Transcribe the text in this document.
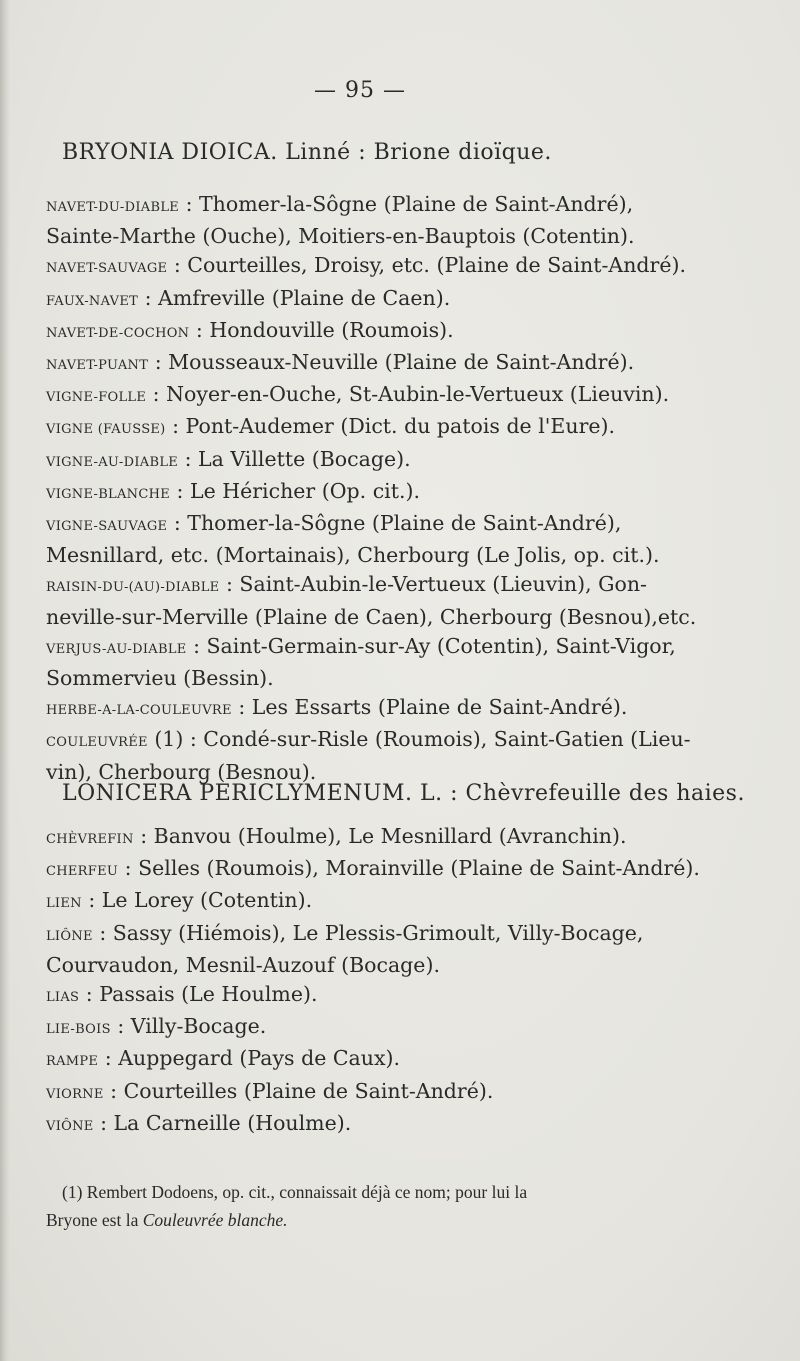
— 95 —
BRYONIA DIOICA. Linné : Brione dioïque.
NAVET-DU-DIABLE : Thomer-la-Sôgne (Plaine de Saint-André),
Sainte-Marthe (Ouche), Moitiers-en-Bauptois (Cotentin).
NAVET-SAUVAGE : Courteilles, Droisy, etc. (Plaine de Saint-André).
FAUX-NAVET : Amfreville (Plaine de Caen).
NAVET-DE-COCHON : Hondouville (Roumois).
NAVET-PUANT : Mousseaux-Neuville (Plaine de Saint-André).
VIGNE-FOLLE : Noyer-en-Ouche, St-Aubin-le-Vertueux (Lieuvin).
VIGNE (FAUSSE) : Pont-Audemer (Dict. du patois de l'Eure).
VIGNE-AU-DIABLE : La Villette (Bocage).
VIGNE-BLANCHE : Le Héricher (Op. cit.).
VIGNE-SAUVAGE : Thomer-la-Sôgne (Plaine de Saint-André),
Mesnillard, etc. (Mortainais), Cherbourg (Le Jolis, op. cit.).
RAISIN-DU-(AU)-DIABLE : Saint-Aubin-le-Vertueux (Lieuvin), Gon-
neville-sur-Merville (Plaine de Caen), Cherbourg (Besnou),etc.
VERJUS-AU-DIABLE : Saint-Germain-sur-Ay (Cotentin), Saint-Vigor,
Sommervieu (Bessin).
HERBE-A-LA-COULEUVRE : Les Essarts (Plaine de Saint-André).
COULEUVRÉE (1) : Condé-sur-Risle (Roumois), Saint-Gatien (Lieu-
vin), Cherbourg (Besnou).
LONICERA PERICLYMENUM. L. : Chèvrefeuille des haies.
CHÈVREFIN : Banvou (Houlme), Le Mesnillard (Avranchin).
CHERFEU : Selles (Roumois), Morainville (Plaine de Saint-André).
LIEN : Le Lorey (Cotentin).
LIÔNE : Sassy (Hiémois), Le Plessis-Grimoult, Villy-Bocage,
Courvaudon, Mesnil-Auzouf (Bocage).
LIAS : Passais (Le Houlme).
LIE-BOIS : Villy-Bocage.
RAMPE : Auppegard (Pays de Caux).
VIORNE : Courteilles (Plaine de Saint-André).
VIÔNE : La Carneille (Houlme).
(1) Rembert Dodoens, op. cit., connaissait déjà ce nom; pour lui la
Bryone est la Couleuvrée blanche.
